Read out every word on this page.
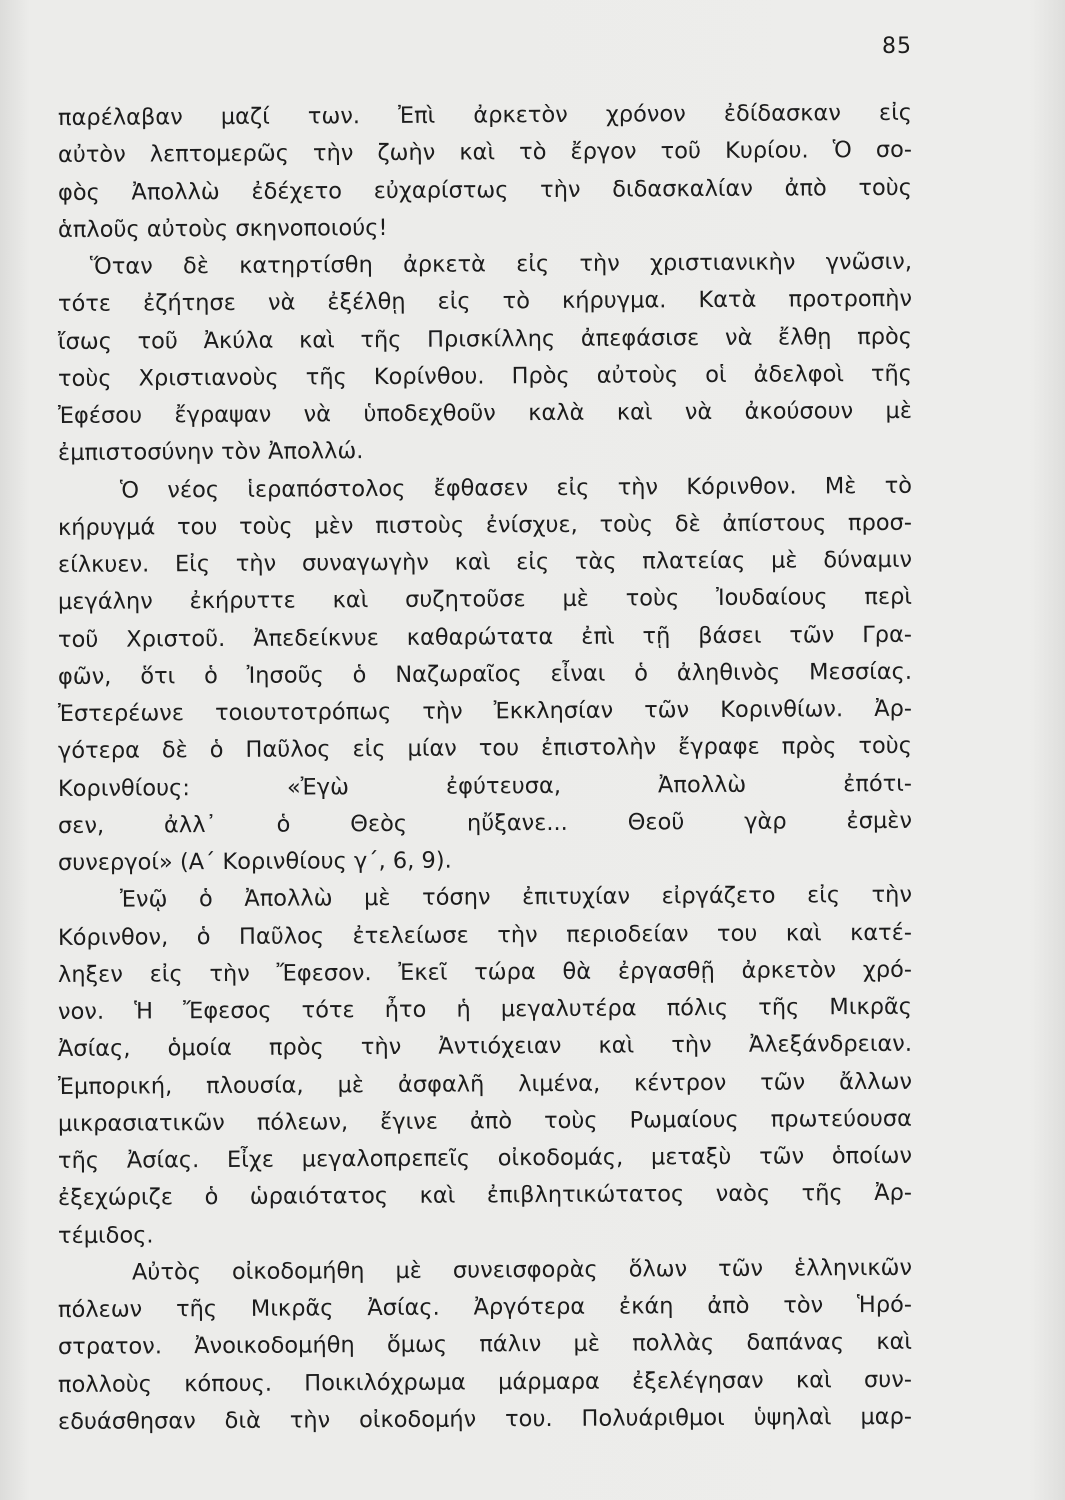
85
παρέλαβαν μαζί των. Ἐπὶ ἀρκετὸν χρόνον ἐδίδασκαν εἰς
αὐτὸν λεπτομερῶς τὴν ζωὴν καὶ τὸ ἔργον τοῦ Κυρίου. Ὁ σο-
φὸς Ἀπολλὼ ἐδέχετο εὐχαρίστως τὴν διδασκαλίαν ἀπὸ τοὺς
ἁπλοῦς αὐτοὺς σκηνοποιούς!
Ὅταν δὲ κατηρτίσθη ἀρκετὰ εἰς τὴν χριστιανικὴν γνῶσιν,
τότε ἐζήτησε νὰ ἐξέλθῃ εἰς τὸ κήρυγμα. Κατὰ προτροπὴν
ἴσως τοῦ Ἀκύλα καὶ τῆς Πρισκίλλης ἀπεφάσισε νὰ ἔλθῃ πρὸς
τοὺς Χριστιανοὺς τῆς Κορίνθου. Πρὸς αὐτοὺς οἱ ἀδελφοὶ τῆς
Ἐφέσου ἔγραψαν νὰ ὑποδεχθοῦν καλὰ καὶ νὰ ἀκούσουν μὲ
ἐμπιστοσύνην τὸν Ἀπολλώ.
Ὁ νέος ἱεραπόστολος ἔφθασεν εἰς τὴν Κόρινθον. Μὲ τὸ
κήρυγμά του τοὺς μὲν πιστοὺς ἐνίσχυε, τοὺς δὲ ἀπίστους προσ-
είλκυεν. Εἰς τὴν συναγωγὴν καὶ εἰς τὰς πλατείας μὲ δύναμιν
μεγάλην ἐκήρυττε καὶ συζητοῦσε μὲ τοὺς Ἰουδαίους περὶ
τοῦ Χριστοῦ. Ἀπεδείκνυε καθαρώτατα ἐπὶ τῇ βάσει τῶν Γρα-
φῶν, ὅτι ὁ Ἰησοῦς ὁ Ναζωραῖος εἶναι ὁ ἀληθινὸς Μεσσίας.
Ἐστερέωνε τοιουτοτρόπως τὴν Ἐκκλησίαν τῶν Κορινθίων. Ἀρ-
γότερα δὲ ὁ Παῦλος εἰς μίαν του ἐπιστολὴν ἔγραφε πρὸς τοὺς
Κορινθίους: «Ἐγὼ ἐφύτευσα, Ἀπολλὼ ἐπότι-
σεν, ἀλλ᾽ ὁ Θεὸς ηὔξανε... Θεοῦ γὰρ ἐσμὲν
συνεργοί» (Α΄ Κορινθίους γ΄, 6, 9).
Ἐνῷ ὁ Ἀπολλὼ μὲ τόσην ἐπιτυχίαν εἰργάζετο εἰς τὴν
Κόρινθον, ὁ Παῦλος ἐτελείωσε τὴν περιοδείαν του καὶ κατέ-
ληξεν εἰς τὴν Ἔφεσον. Ἐκεῖ τώρα θὰ ἐργασθῇ ἀρκετὸν χρό-
νον. Ἡ Ἔφεσος τότε ἦτο ἡ μεγαλυτέρα πόλις τῆς Μικρᾶς
Ἀσίας, ὁμοία πρὸς τὴν Ἀντιόχειαν καὶ τὴν Ἀλεξάνδρειαν.
Ἐμπορική, πλουσία, μὲ ἀσφαλῆ λιμένα, κέντρον τῶν ἄλλων
μικρασιατικῶν πόλεων, ἔγινε ἀπὸ τοὺς Ρωμαίους πρωτεύουσα
τῆς Ἀσίας. Εἶχε μεγαλοπρεπεῖς οἰκοδομάς, μεταξὺ τῶν ὁποίων
ἐξεχώριζε ὁ ὡραιότατος καὶ ἐπιβλητικώτατος ναὸς τῆς Ἀρ-
τέμιδος.
Αὐτὸς οἰκοδομήθη μὲ συνεισφορὰς ὅλων τῶν ἑλληνικῶν
πόλεων τῆς Μικρᾶς Ἀσίας. Ἀργότερα ἐκάη ἀπὸ τὸν Ἡρό-
στρατον. Ἀνοικοδομήθη ὅμως πάλιν μὲ πολλὰς δαπάνας καὶ
πολλοὺς κόπους. Ποικιλόχρωμα μάρμαρα ἐξελέγησαν καὶ συν-
εδυάσθησαν διὰ τὴν οἰκοδομήν του. Πολυάριθμοι ὑψηλαὶ μαρ-
